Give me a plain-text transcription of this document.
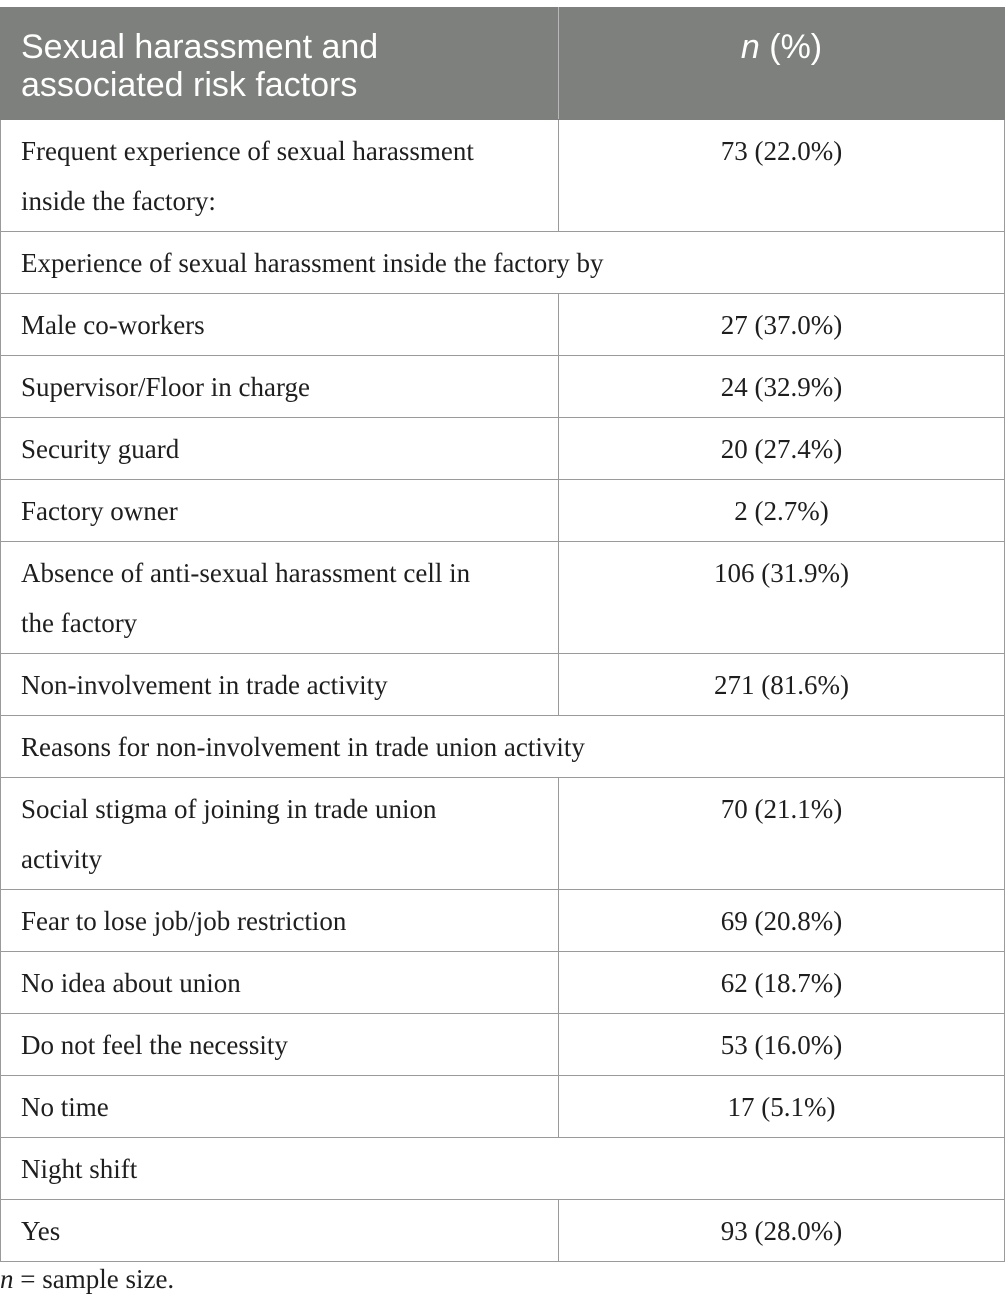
Sexual harassment and
associated risk factors	n (%)
Frequent experience of sexual harassment
inside the factory:	73 (22.0%)
Experience of sexual harassment inside the factory by	
Male co-workers	27 (37.0%)
Supervisor/Floor in charge	24 (32.9%)
Security guard	20 (27.4%)
Factory owner	2 (2.7%)
Absence of anti-sexual harassment cell in
the factory	106 (31.9%)
Non-involvement in trade activity	271 (81.6%)
Reasons for non-involvement in trade union activity	
Social stigma of joining in trade union
activity	70 (21.1%)
Fear to lose job/job restriction	69 (20.8%)
No idea about union	62 (18.7%)
Do not feel the necessity	53 (16.0%)
No time	17 (5.1%)
Night shift	
Yes	93 (28.0%)
n = sample size.
